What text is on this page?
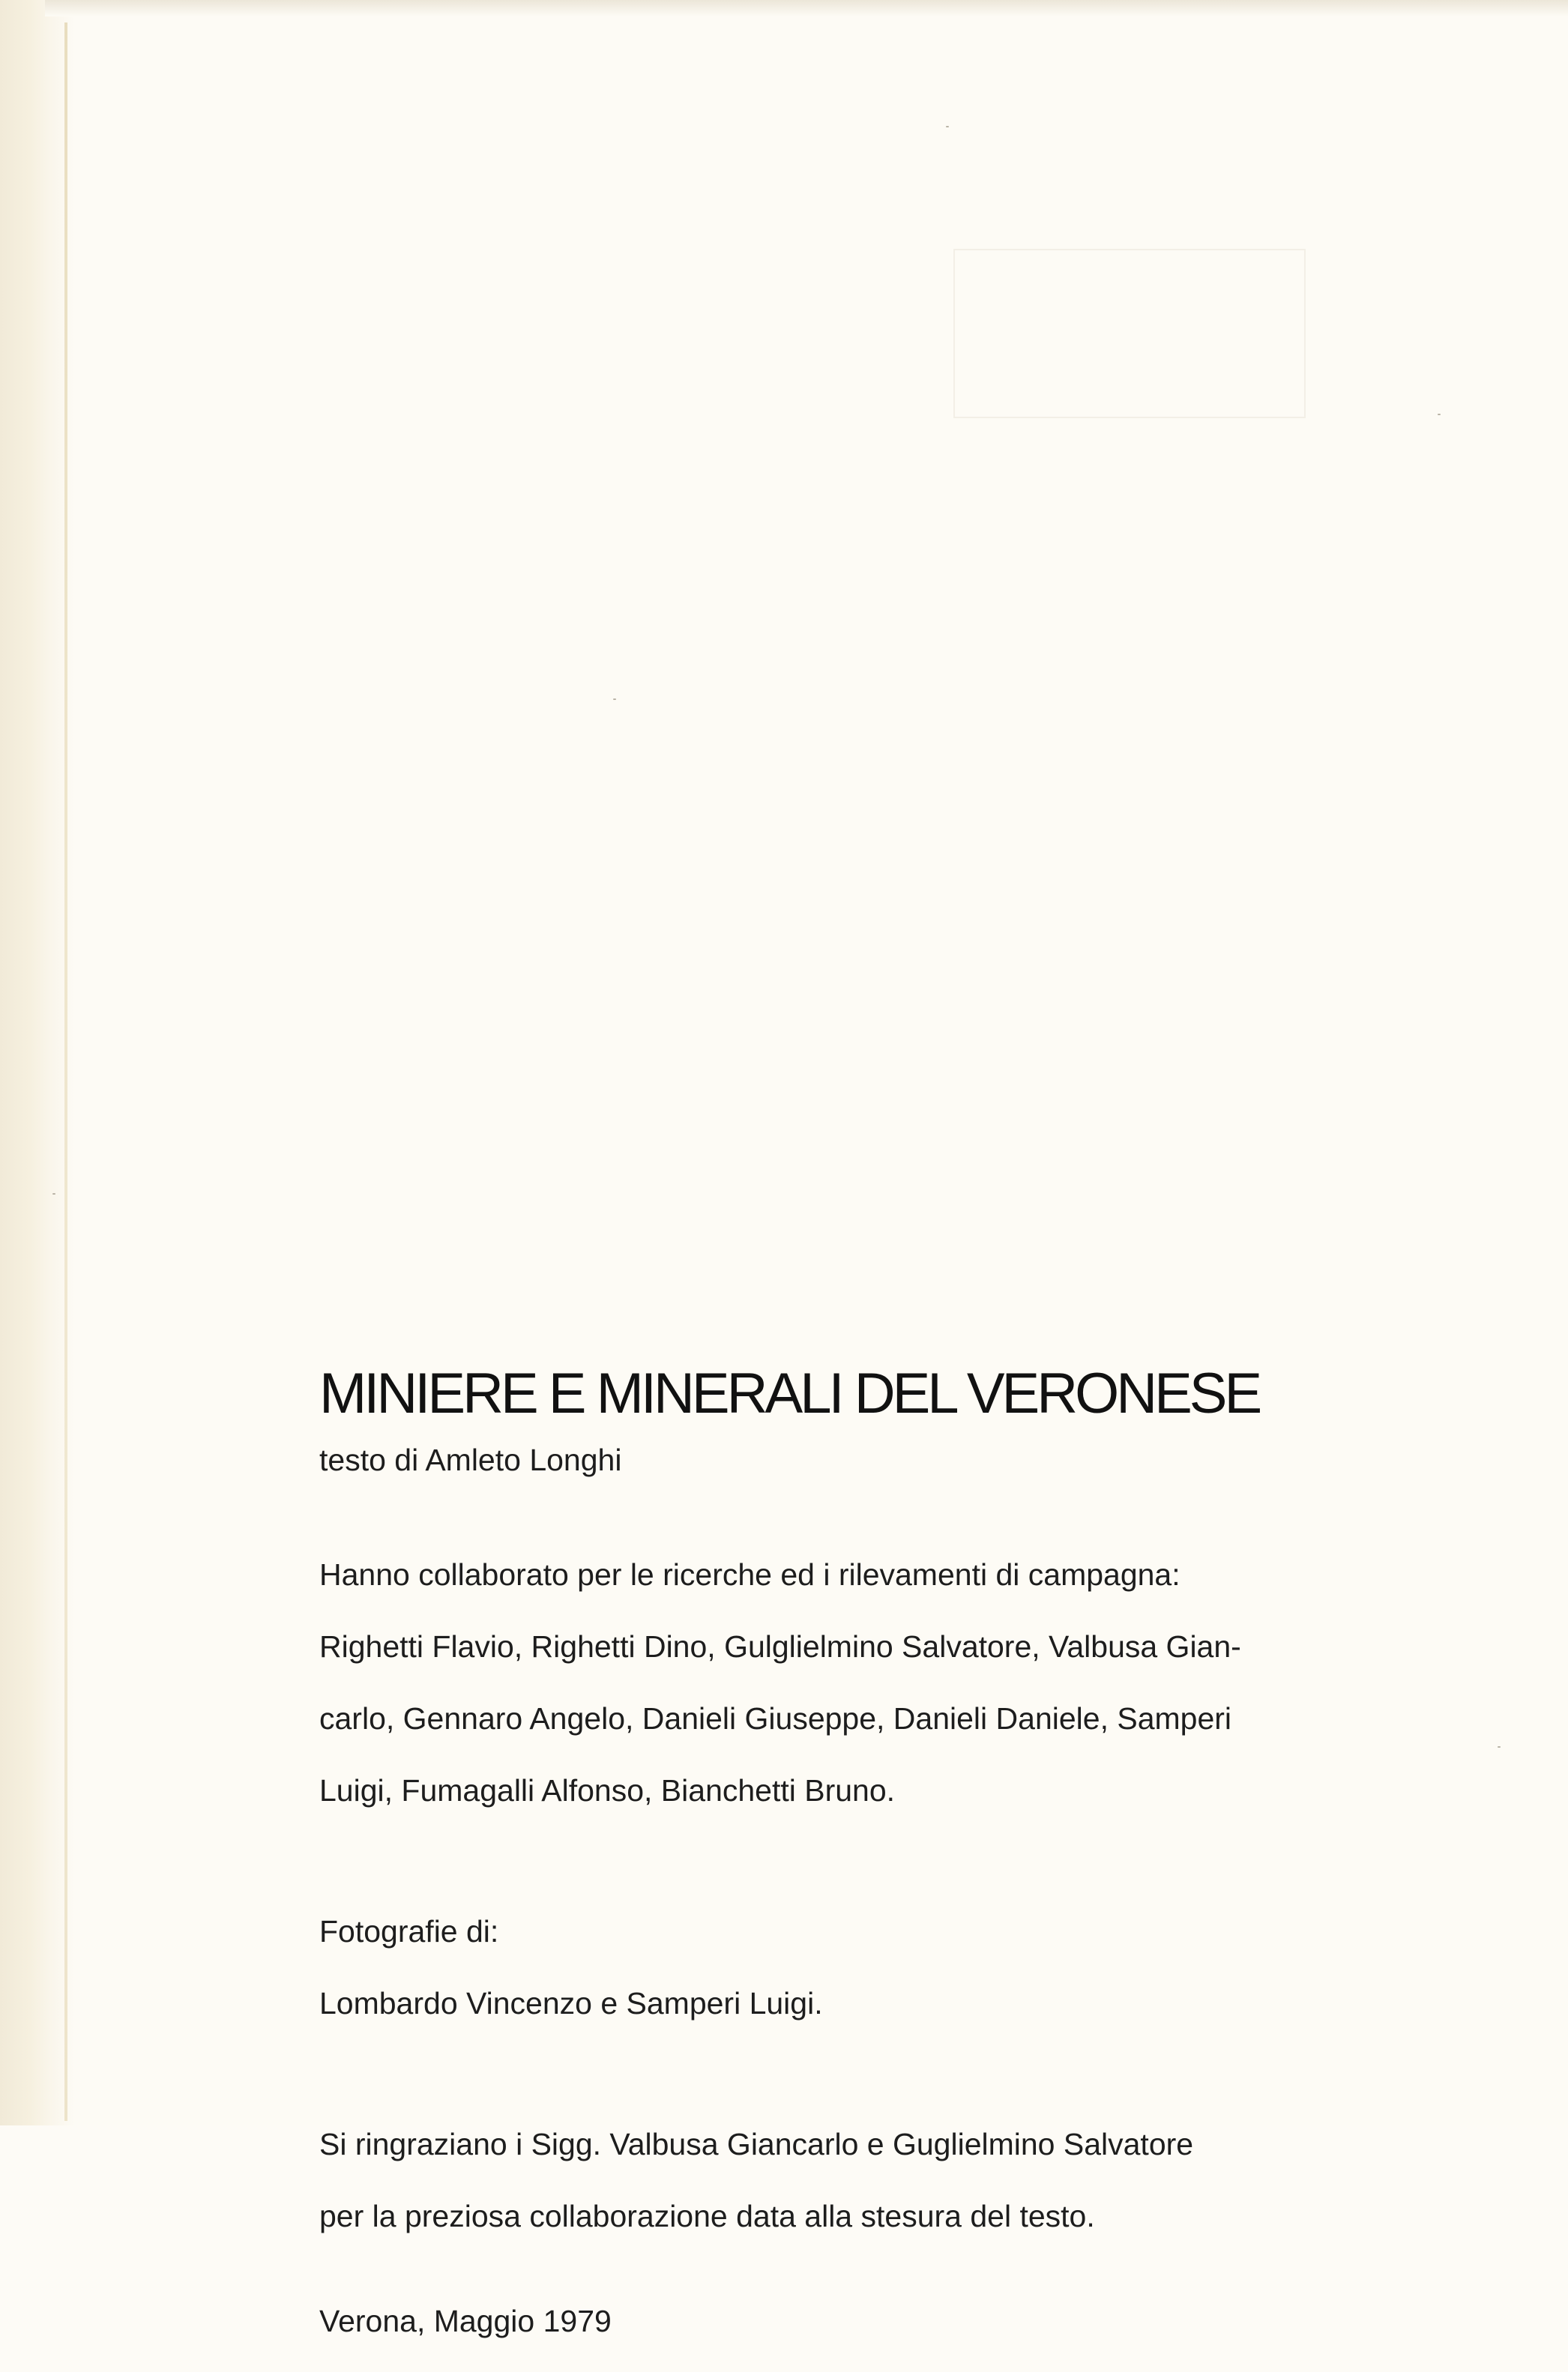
MINIERE E MINERALI DEL VERONESE
testo di Amleto Longhi

Hanno collaborato per le ricerche ed i rilevamenti di campagna:

Righetti Flavio, Righetti Dino, Gulglielmino Salvatore, Valbusa Gian-

carlo, Gennaro Angelo, Danieli Giuseppe, Danieli Daniele, Samperi

Luigi, Fumagalli Alfonso, Bianchetti Bruno.

Fotografie di:

Lombardo Vincenzo e Samperi Luigi.

Si ringraziano i Sigg. Valbusa Giancarlo e Guglielmino Salvatore

per la preziosa collaborazione data alla stesura del testo.

Verona, Maggio 1979
